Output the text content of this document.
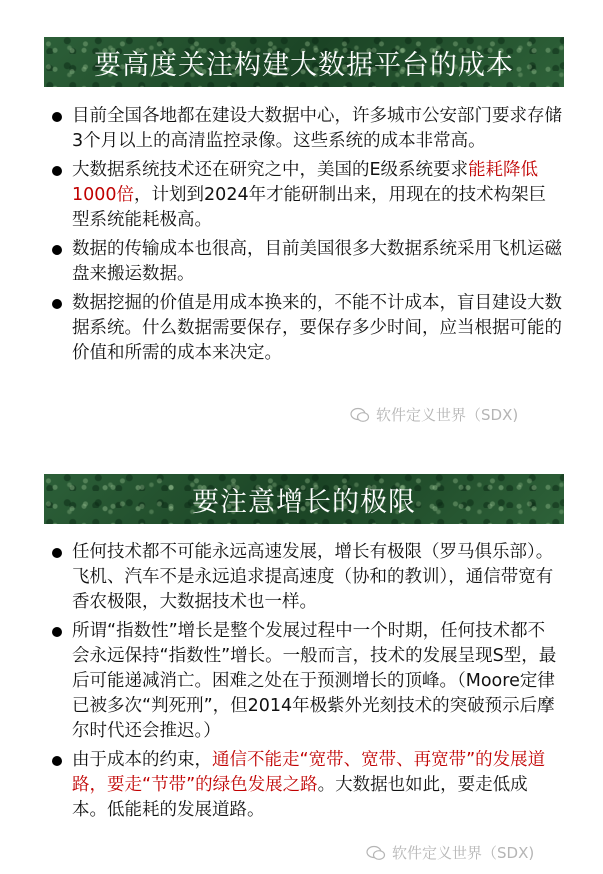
要高度关注构建大数据平台的成本
目前全国各地都在建设大数据中心，许多城市公安部门要求存储3个月以上的高清监控录像。这些系统的成本非常高。
大数据系统技术还在研究之中，美国的E级系统要求能耗降低1000倍，计划到2024年才能研制出来，用现在的技术构架巨型系统能耗极高。
数据的传输成本也很高，目前美国很多大数据系统采用飞机运磁盘来搬运数据。
数据挖掘的价值是用成本换来的，不能不计成本，盲目建设大数据系统。什么数据需要保存，要保存多少时间，应当根据可能的价值和所需的成本来决定。
软件定义世界（SDX)
要注意增长的极限
任何技术都不可能永远高速发展，增长有极限（罗马俱乐部）。飞机、汽车不是永远追求提高速度（协和的教训），通信带宽有香农极限，大数据技术也一样。
所谓“指数性”增长是整个发展过程中一个时期，任何技术都不会永远保持“指数性”增长。一般而言，技术的发展呈现S型，最后可能递减消亡。困难之处在于预测增长的顶峰。（Moore定律已被多次“判死刑”，但2014年极紫外光刻技术的突破预示后摩尔时代还会推迟。）
由于成本的约束，通信不能走“宽带、宽带、再宽带”的发展道路，要走“节带”的绿色发展之路。大数据也如此，要走低成本。低能耗的发展道路。
软件定义世界（SDX)
